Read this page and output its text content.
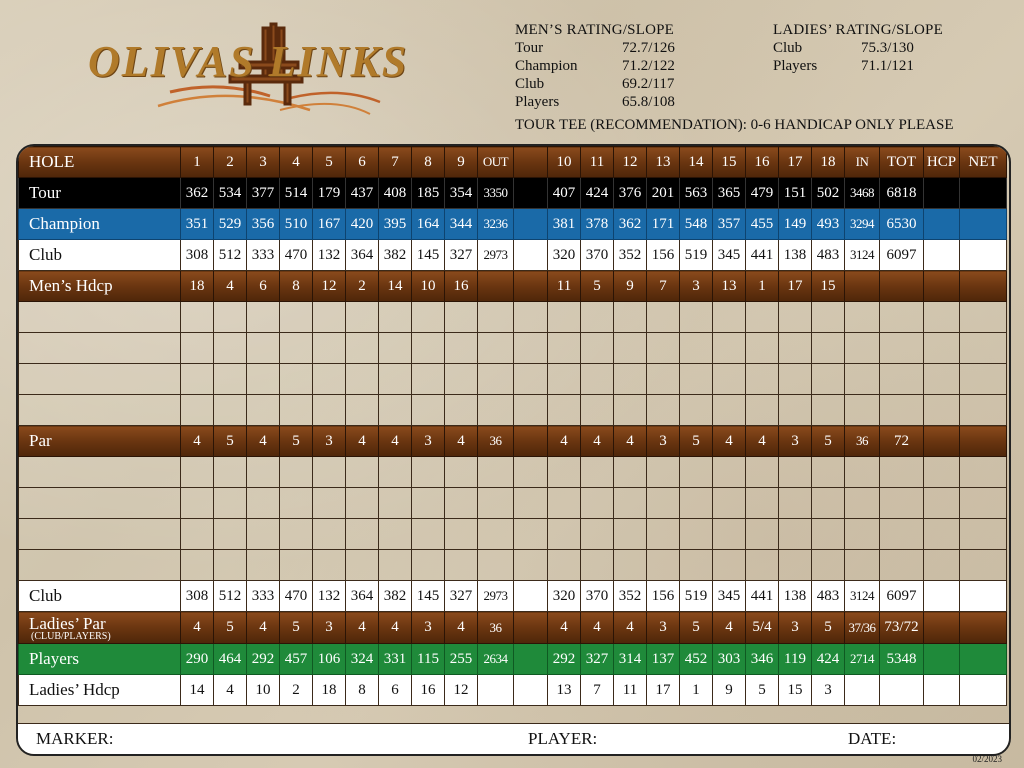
OLIVAS LINKS
MEN’S RATING/SLOPE
Tour	72.7/126
Champion	71.2/122
Club	69.2/117
Players	65.8/108
LADIES’ RATING/SLOPE
Club	75.3/130
Players	71.1/121
TOUR TEE (RECOMMENDATION): 0-6 HANDICAP ONLY PLEASE
HOLE	1	2	3	4	5	6	7	8	9	OUT		10	11	12	13	14	15	16	17	18	IN	TOT	HCP	NET
Tour	362	534	377	514	179	437	408	185	354	3350		407	424	376	201	563	365	479	151	502	3468	6818		
Champion	351	529	356	510	167	420	395	164	344	3236		381	378	362	171	548	357	455	149	493	3294	6530		
Club	308	512	333	470	132	364	382	145	327	2973		320	370	352	156	519	345	441	138	483	3124	6097		
Men’s Hdcp	18	4	6	8	12	2	14	10	16			11	5	9	7	3	13	1	17	15				

Par	4	5	4	5	3	4	4	3	4	36		4	4	4	3	5	4	4	3	5	36	72		

Club	308	512	333	470	132	364	382	145	327	2973		320	370	352	156	519	345	441	138	483	3124	6097		
Ladies’ Par
(CLUB/PLAYERS)	4	5	4	5	3	4	4	3	4	36		4	4	4	3	5	4	5/4	3	5	37/36	73/72		
Players	290	464	292	457	106	324	331	115	255	2634		292	327	314	137	452	303	346	119	424	2714	5348		
Ladies’ Hdcp	14	4	10	2	18	8	6	16	12			13	7	11	17	1	9	5	15	3				
MARKER:	PLAYER:	DATE:
02/2023
